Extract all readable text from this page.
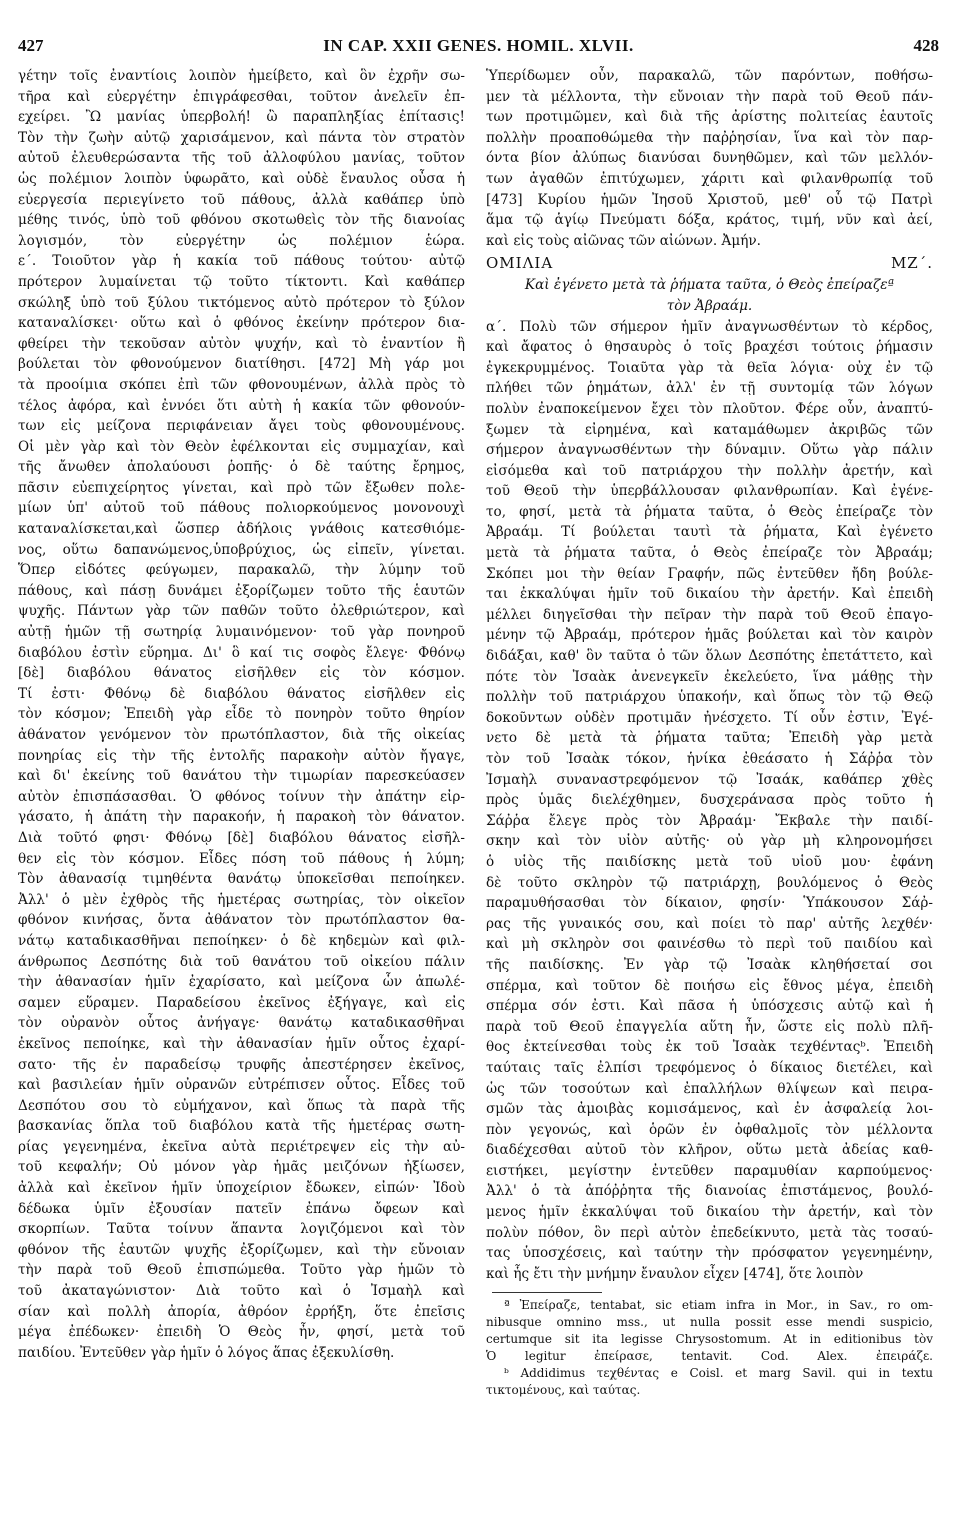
427	IN CAP. XXII GENES. HOMIL. XLVII.	428
γέτην τοῖς ἐναντίοις λοιπὸν ἠμείβετο, καὶ ὃν ἐχρῆν σω-
τῆρα καὶ εὐεργέτην ἐπιγράφεσθαι, τοῦτον ἀνελεῖν ἐπ-
εχείρει. Ὢ μανίας ὑπερβολή! ὢ παραπληξίας ἐπίτασις!
Τὸν τὴν ζωὴν αὐτῷ χαρισάμενον, καὶ πάντα τὸν στρατὸν
αὐτοῦ ἐλευθερώσαντα τῆς τοῦ ἀλλοφύλου μανίας, τοῦτον
ὡς πολέμιον λοιπὸν ὑφωρᾶτο, καὶ οὐδὲ ἔναυλος οὖσα ἡ
εὐεργεσία περιεγίνετο τοῦ πάθους, ἀλλὰ καθάπερ ὑπὸ
μέθης τινός, ὑπὸ τοῦ φθόνου σκοτωθεὶς τὸν τῆς διανοίας
λογισμόν, τὸν εὐεργέτην ὡς πολέμιον ἑώρα.
ε΄. Τοιοῦτον γὰρ ἡ κακία τοῦ πάθους τούτου· αὐτῷ
πρότερον λυμαίνεται τῷ τοῦτο τίκτοντι. Καὶ καθάπερ
σκώληξ ὑπὸ τοῦ ξύλου τικτόμενος αὐτὸ πρότερον τὸ ξύλον
καταναλίσκει· οὕτω καὶ ὁ φθόνος ἐκείνην πρότερον δια-
φθείρει τὴν τεκοῦσαν αὐτὸν ψυχήν, καὶ τὸ ἐναντίον ἢ
βούλεται τὸν φθονούμενον διατίθησι. [472] Μὴ γάρ μοι
τὰ προοίμια σκόπει ἐπὶ τῶν φθονουμένων, ἀλλὰ πρὸς τὸ
τέλος ἀφόρα, καὶ ἐννόει ὅτι αὐτὴ ἡ κακία τῶν φθονούν-
των εἰς μείζονα περιφάνειαν ἄγει τοὺς φθονουμένους.
Οἱ μὲν γὰρ καὶ τὸν Θεὸν ἐφέλκονται εἰς συμμαχίαν, καὶ
τῆς ἄνωθεν ἀπολαύουσι ῥοπῆς· ὁ δὲ ταύτης ἔρημος,
πᾶσιν εὐεπιχείρητος γίνεται, καὶ πρὸ τῶν ἔξωθεν πολε-
μίων ὑπ' αὐτοῦ τοῦ πάθους πολιορκούμενος μονονουχὶ
καταναλίσκεται,καὶ ὥσπερ ἀδήλοις γνάθοις κατεσθιόμε-
νος, οὕτω δαπανώμενος,ὑποβρύχιος, ὡς εἰπεῖν, γίνεται.
Ὅπερ εἰδότες φεύγωμεν, παρακαλῶ, τὴν λύμην τοῦ
πάθους, καὶ πάσῃ δυνάμει ἐξορίζωμεν τοῦτο τῆς ἑαυτῶν
ψυχῆς. Πάντων γὰρ τῶν παθῶν τοῦτο ὀλεθριώτερον, καὶ
αὐτῇ ἡμῶν τῇ σωτηρίᾳ λυμαινόμενον· τοῦ γὰρ πονηροῦ
διαβόλου ἐστὶν εὕρημα. Δι' ὃ καί τις σοφὸς ἔλεγε· Φθόνῳ
[δὲ] διαβόλου θάνατος εἰσῆλθεν εἰς τὸν κόσμον.
Τί ἐστι· Φθόνῳ δὲ διαβόλου θάνατος εἰσῆλθεν εἰς
τὸν κόσμον; Ἐπειδὴ γὰρ εἶδε τὸ πονηρὸν τοῦτο θηρίον
ἀθάνατον γενόμενον τὸν πρωτόπλαστον, διὰ τῆς οἰκείας
πονηρίας εἰς τὴν τῆς ἐντολῆς παρακοὴν αὐτὸν ἤγαγε,
καὶ δι' ἐκείνης τοῦ θανάτου τὴν τιμωρίαν παρεσκεύασεν
αὐτὸν ἐπισπάσασθαι. Ὁ φθόνος τοίνυν τὴν ἀπάτην εἰρ-
γάσατο, ἡ ἀπάτη τὴν παρακοήν, ἡ παρακοὴ τὸν θάνατον.
Διὰ τοῦτό φησι· Φθόνῳ [δὲ] διαβόλου θάνατος εἰσῆλ-
θεν εἰς τὸν κόσμον. Εἶδες πόση τοῦ πάθους ἡ λύμη;
Τὸν ἀθανασίᾳ τιμηθέντα θανάτῳ ὑποκεῖσθαι πεποίηκεν.
Ἀλλ' ὁ μὲν ἐχθρὸς τῆς ἡμετέρας σωτηρίας, τὸν οἰκεῖον
φθόνον κινήσας, ὄντα ἀθάνατον τὸν πρωτόπλαστον θα-
νάτῳ καταδικασθῆναι πεποίηκεν· ὁ δὲ κηδεμὼν καὶ φιλ-
άνθρωπος Δεσπότης διὰ τοῦ θανάτου τοῦ οἰκείου πάλιν
τὴν ἀθανασίαν ἡμῖν ἐχαρίσατο, καὶ μείζονα ὧν ἀπωλέ-
σαμεν εὕραμεν. Παραδείσου ἐκεῖνος ἐξήγαγε, καὶ εἰς
τὸν οὐρανὸν οὗτος ἀνήγαγε· θανάτῳ καταδικασθῆναι
ἐκεῖνος πεποίηκε, καὶ τὴν ἀθανασίαν ἡμῖν οὗτος ἐχαρί-
σατο· τῆς ἐν παραδείσῳ τρυφῆς ἀπεστέρησεν ἐκεῖνος,
καὶ βασιλείαν ἡμῖν οὐρανῶν εὐτρέπισεν οὗτος. Εἶδες τοῦ
Δεσπότου σου τὸ εὐμήχανον, καὶ ὅπως τὰ παρὰ τῆς
βασκανίας ὅπλα τοῦ διαβόλου κατὰ τῆς ἡμετέρας σωτη-
ρίας γεγενημένα, ἐκεῖνα αὐτὰ περιέτρεψεν εἰς τὴν αὐ-
τοῦ κεφαλήν; Οὐ μόνον γὰρ ἡμᾶς μειζόνων ἠξίωσεν,
ἀλλὰ καὶ ἐκεῖνον ἡμῖν ὑποχείριον ἔδωκεν, εἰπών· Ἰδοὺ
δέδωκα ὑμῖν ἐξουσίαν πατεῖν ἐπάνω ὄφεων καὶ
σκορπίων. Ταῦτα τοίνυν ἅπαντα λογιζόμενοι καὶ τὸν
φθόνον τῆς ἑαυτῶν ψυχῆς ἐξορίζωμεν, καὶ τὴν εὔνοιαν
τὴν παρὰ τοῦ Θεοῦ ἐπισπώμεθα. Τοῦτο γὰρ ἡμῶν τὸ
τοῦ ἀκαταγώνιστον· Διὰ τοῦτο καὶ ὁ Ἰσμαὴλ καὶ
σίαν καὶ πολλὴ ἀπορία, ἀθρόον ἐρρήξη, ὅτε ἐπεῖσις
μέγα ἐπέδωκεν· ἐπειδὴ Ὁ Θεὸς ἦν, φησί, μετὰ τοῦ
παιδίου. Ἐντεῦθεν γὰρ ἡμῖν ὁ λόγος ἅπας ἐξεκυλίσθη.
Ὑπερίδωμεν οὖν, παρακαλῶ, τῶν παρόντων, ποθήσω-
μεν τὰ μέλλοντα, τὴν εὔνοιαν τὴν παρὰ τοῦ Θεοῦ πάν-
των προτιμῶμεν, καὶ διὰ τῆς ἀρίστης πολιτείας ἑαυτοῖς
πολλὴν προαποθώμεθα τὴν παῤῥησίαν, ἵνα καὶ τὸν παρ-
όντα βίον ἀλύπως διανύσαι δυνηθῶμεν, καὶ τῶν μελλόν-
των ἀγαθῶν ἐπιτύχωμεν, χάριτι καὶ φιλανθρωπίᾳ τοῦ
[473] Κυρίου ἡμῶν Ἰησοῦ Χριστοῦ, μεθ' οὗ τῷ Πατρὶ
ἅμα τῷ ἁγίῳ Πνεύματι δόξα, κράτος, τιμή, νῦν καὶ ἀεί,
καὶ εἰς τοὺς αἰῶνας τῶν αἰώνων. Ἀμήν.
ΟΜΙΛΙΑ ΜΖ΄.
Καὶ ἐγένετο μετὰ τὰ ῥήματα ταῦτα, ὁ Θεὸς ἐπείραζεª
τὸν Ἀβραάμ.
α΄. Πολὺ τῶν σήμερον ἡμῖν ἀναγνωσθέντων τὸ κέρδος,
καὶ ἄφατος ὁ θησαυρὸς ὁ τοῖς βραχέσι τούτοις ῥήμασιν
ἐγκεκρυμμένος. Τοιαῦτα γὰρ τὰ θεῖα λόγια· οὐχ ἐν τῷ
πλήθει τῶν ῥημάτων, ἀλλ' ἐν τῇ συντομίᾳ τῶν λόγων
πολὺν ἐναποκείμενον ἔχει τὸν πλοῦτον. Φέρε οὖν, ἀναπτύ-
ξωμεν τὰ εἰρημένα, καὶ καταμάθωμεν ἀκριβῶς τῶν
σήμερον ἀναγνωσθέντων τὴν δύναμιν. Οὕτω γὰρ πάλιν
εἰσόμεθα καὶ τοῦ πατριάρχου τὴν πολλὴν ἀρετήν, καὶ
τοῦ Θεοῦ τὴν ὑπερβάλλουσαν φιλανθρωπίαν. Καὶ ἐγένε-
το, φησί, μετὰ τὰ ῥήματα ταῦτα, ὁ Θεὸς ἐπείραζε τὸν
Ἀβραάμ. Τί βούλεται ταυτὶ τὰ ῥήματα, Καὶ ἐγένετο
μετὰ τὰ ῥήματα ταῦτα, ὁ Θεὸς ἐπείραζε τὸν Ἀβραάμ;
Σκόπει μοι τὴν θείαν Γραφήν, πῶς ἐντεῦθεν ἤδη βούλε-
ται ἐκκαλύψαι ἡμῖν τοῦ δικαίου τὴν ἀρετήν. Καὶ ἐπειδὴ
μέλλει διηγεῖσθαι τὴν πεῖραν τὴν παρὰ τοῦ Θεοῦ ἐπαγο-
μένην τῷ Ἀβραάμ, πρότερον ἡμᾶς βούλεται καὶ τὸν καιρὸν
διδάξαι, καθ' ὃν ταῦτα ὁ τῶν ὅλων Δεσπότης ἐπετάττετο, καὶ
πότε τὸν Ἰσαὰκ ἀνενεγκεῖν ἐκελεύετο, ἵνα μάθῃς τὴν
πολλὴν τοῦ πατριάρχου ὑπακοήν, καὶ ὅπως τὸν τῷ Θεῷ
δοκοῦντων οὐδὲν προτιμᾶν ἠνέσχετο. Τί οὖν ἐστιν, Ἐγέ-
νετο δὲ μετὰ τὰ ῥήματα ταῦτα; Ἐπειδὴ γὰρ μετὰ
τὸν τοῦ Ἰσαὰκ τόκον, ἡνίκα ἐθεάσατο ἡ Σάῤῥα τὸν
Ἰσμαὴλ συναναστρεφόμενον τῷ Ἰσαάκ, καθάπερ χθὲς
πρὸς ὑμᾶς διελέχθημεν, δυσχεράνασα πρὸς τοῦτο ἡ
Σάῤῥα ἔλεγε πρὸς τὸν Ἀβραάμ· Ἔκβαλε τὴν παιδί-
σκην καὶ τὸν υἱὸν αὐτῆς· οὐ γὰρ μὴ κληρονομήσει
ὁ υἱὸς τῆς παιδίσκης μετὰ τοῦ υἱοῦ μου· ἐφάνη
δὲ τοῦτο σκληρὸν τῷ πατριάρχῃ, βουλόμενος ὁ Θεὸς
παραμυθήσασθαι τὸν δίκαιον, φησίν· Ὑπάκουσον Σάῤ-
ρας τῆς γυναικός σου, καὶ ποίει τὸ παρ' αὐτῆς λεχθέν·
καὶ μὴ σκληρὸν σοι φαινέσθω τὸ περὶ τοῦ παιδίου καὶ
τῆς παιδίσκης. Ἐν γὰρ τῷ Ἰσαὰκ κληθήσεταί σοι
σπέρμα, καὶ τοῦτον δὲ ποιήσω εἰς ἔθνος μέγα, ἐπειδὴ
σπέρμα σόν ἐστι. Καὶ πᾶσα ἡ ὑπόσχεσις αὐτῷ καὶ ἡ
παρὰ τοῦ Θεοῦ ἐπαγγελία αὕτη ἦν, ὥστε εἰς πολὺ πλῆ-
θος ἐκτείνεσθαι τοὺς ἐκ τοῦ Ἰσαὰκ τεχθένταςᵇ. Ἐπειδὴ
ταύταις ταῖς ἐλπίσι τρεφόμενος ὁ δίκαιος διετέλει, καὶ
ὡς τῶν τοσούτων καὶ ἐπαλλήλων θλίψεων καὶ πειρα-
σμῶν τὰς ἀμοιβὰς κομισάμενος, καὶ ἐν ἀσφαλείᾳ λοι-
πὸν γεγονώς, καὶ ὁρῶν ἐν ὀφθαλμοῖς τὸν μέλλοντα
διαδέχεσθαι αὐτοῦ τὸν κλῆρον, οὕτω μετὰ ἀδείας καθ-
ειστήκει, μεγίστην ἐντεῦθεν παραμυθίαν καρπούμενος·
Ἀλλ' ὁ τὰ ἀπόῤῥητα τῆς διανοίας ἐπιστάμενος, βουλό-
μενος ἡμῖν ἐκκαλύψαι τοῦ δικαίου τὴν ἀρετήν, καὶ τὸν
πολὺν πόθον, ὃν περὶ αὐτὸν ἐπεδείκνυτο, μετὰ τὰς τοσαύ-
τας ὑποσχέσεις, καὶ ταύτην τὴν πρόσφατον γεγενημένην,
καὶ ἧς ἔτι τὴν μνήμην ἔναυλον εἶχεν [474], ὅτε λοιπὸν
ª Ἐπείραζε, tentabat, sic etiam infra in Mor., in Sav., ro om-
nibusque omnino mss., ut nulla possit esse mendi suspicio,
certumque sit ita legisse Chrysostomum. At in editionibus tòv
Ὁ legitur ἐπείρασε, tentavit. Cod. Alex. ἐπειράζε.
ᵇ Addidimus τεχθέντας e Coisl. et marg Savil. qui in textu
τικτομένους, καὶ ταύτας.
